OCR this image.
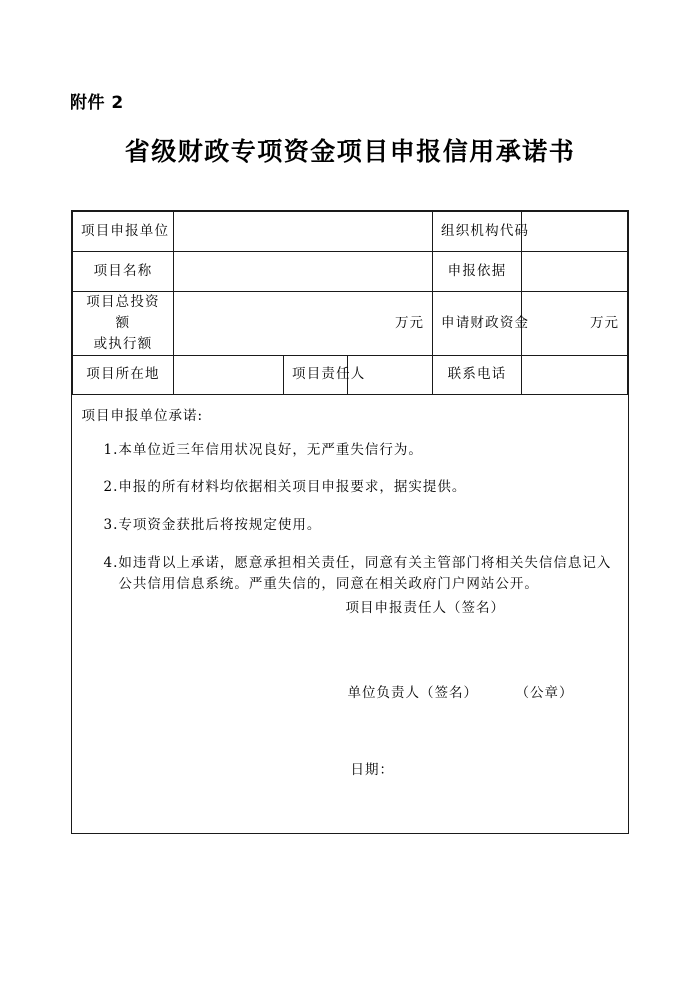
附件 2
省级财政专项资金项目申报信用承诺书
项目申报单位				组织机构代码	
项目名称				申报依据	

项目总投资额
或执行额	万元			申请财政资金	万元
项目所在地		项目责任人		联系电话	

项目申报单位承诺:
1. 本单位近三年信用状况良好，无严重失信行为。
2. 申报的所有材料均依据相关项目申报要求，据实提供。
3. 专项资金获批后将按规定使用。
4. 如违背以上承诺，愿意承担相关责任，同意有关主管部门将相关失信信息记入公共信用信息系统。严重失信的，同意在相关政府门户网站公开。
项目申报责任人（签名）
单位负责人（签名）	（公章）
日期：
